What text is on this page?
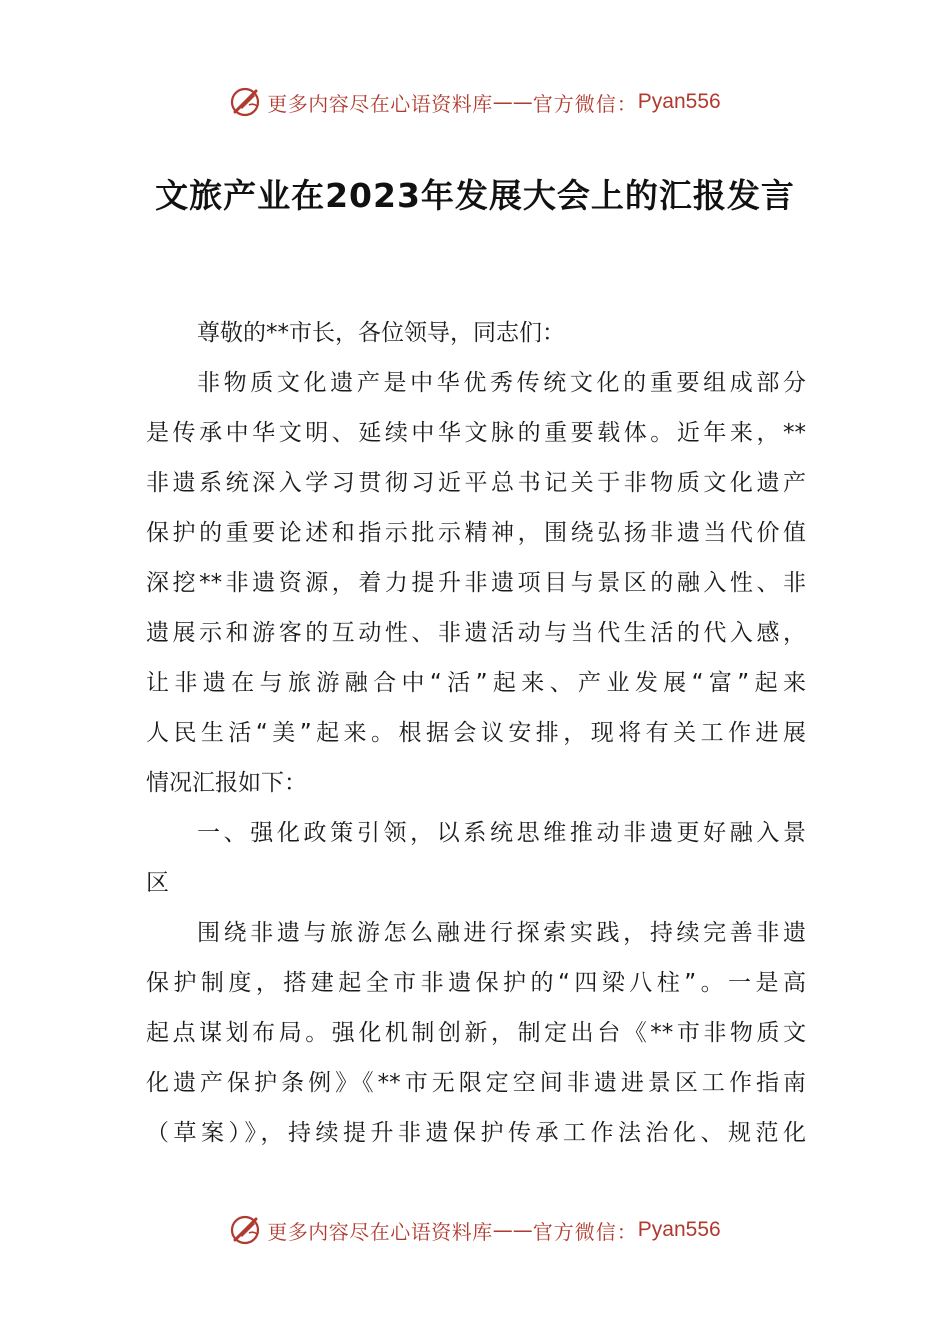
更多内容尽在心语资料库 —— 官方微信： Pyan556
文旅产业在2023年发展大会上的汇报发言
尊敬的**市长，各位领导，同志们：
非物质文化遗产是中华优秀传统文化的重要组成部分
是传承中华文明、延续中华文脉的重要载体。近年来，**
非遗系统深入学习贯彻习近平总书记关于非物质文化遗产
保护的重要论述和指示批示精神，围绕弘扬非遗当代价值
深挖**非遗资源，着力提升非遗项目与景区的融入性、非
遗展示和游客的互动性、非遗活动与当代生活的代入感，
让非遗在与旅游融合中“活”起来、产业发展“富”起来
人民生活“美”起来。根据会议安排，现将有关工作进展
情况汇报如下：
一、强化政策引领，以系统思维推动非遗更好融入景
区
围绕非遗与旅游怎么融进行探索实践，持续完善非遗
保护制度，搭建起全市非遗保护的“四梁八柱”。一是高
起点谋划布局。强化机制创新，制定出台《**市非物质文
化遗产保护条例》《**市无限定空间非遗进景区工作指南
（草案）》，持续提升非遗保护传承工作法治化、规范化
更多内容尽在心语资料库 —— 官方微信： Pyan556
